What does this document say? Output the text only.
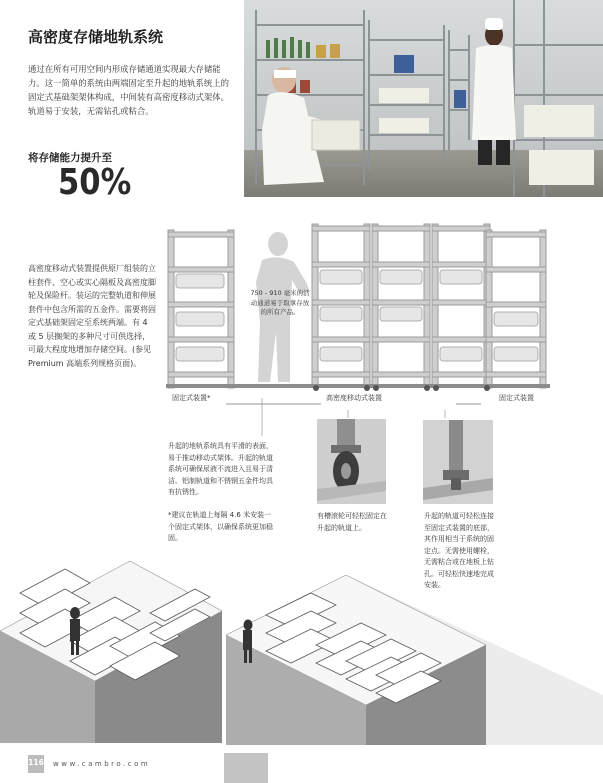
高密度存储地轨系统
通过在所有可用空间内形成存储通道实现最大存储能力。这一简单的系统由两端固定至升起的地轨系统上的固定式基础架架体构成，中间装有高密度移动式架体。轨道易于安装，无需钻孔或粘合。
将存储能力提升至
50%
高密度移动式装置提供原厂组装的立柱套件、空心或实心隔板及高密度脚轮及保险杆。装运的完整轨道和伸展套件中包含所需的五金件。需要将固定式基础架固定至系统两端。有 4 或 5 层搁架的多种尺寸可供选择，可最大程度地增加存储空间。(参见 Premium 高端系列规格页面)。
750 - 910 毫米的活动通道易于取拿存放的所有产品。
固定式装置*	高密度移动式装置	固定式装置
升起的地轨系统具有平滑的表面，易于推动移动式架体。升起的轨道系统可确保尿液不流进入且易于清洁。铝制轨道和不锈钢五金件均具有抗锈性。
*建议在轨道上每隔 4.6 米安装一个固定式架体，以确保系统更加稳固。
有槽滚轮可轻松固定在升起的轨道上。
升起的轨道可轻松连接至固定式装置的底部，其作用相当于系统的固定点。无需使用螺栓，无需粘合或在地板上钻孔。可轻松快速地完成安装。
116 www.cambro.com
